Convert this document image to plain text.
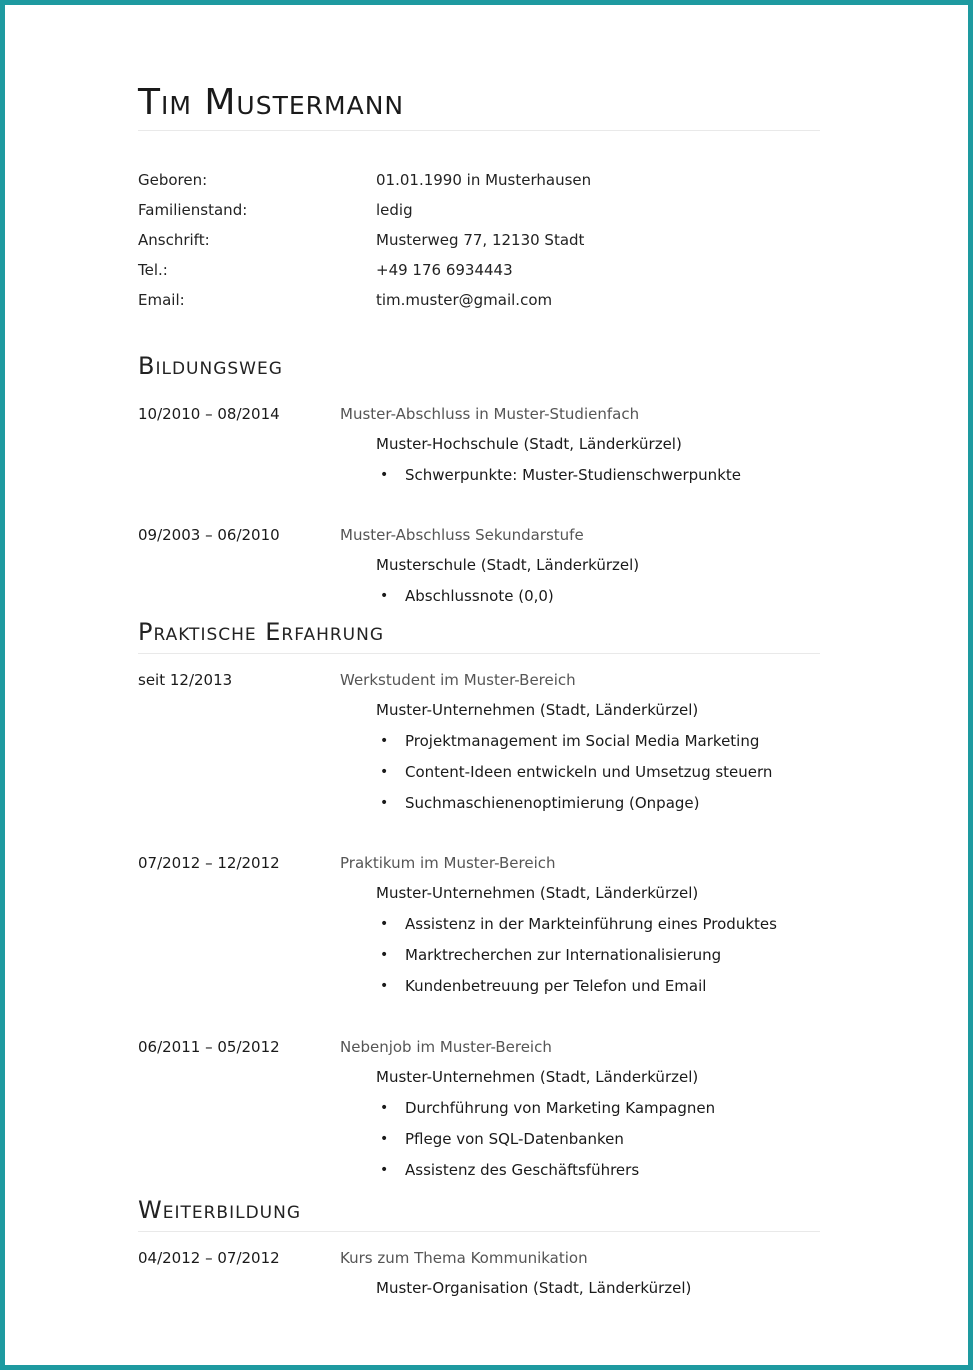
Tim Mustermann
Geboren:	01.01.1990 in Musterhausen
Familienstand:	ledig
Anschrift:	Musterweg 77, 12130 Stadt
Tel.:	+49 176 6934443
Email:	tim.muster@gmail.com
Bildungsweg
10/2010 – 08/2014	Muster-Abschluss in Muster-Studienfach
Muster-Hochschule (Stadt, Länderkürzel)
• Schwerpunkte: Muster-Studienschwerpunkte
09/2003 – 06/2010	Muster-Abschluss Sekundarstufe
Musterschule (Stadt, Länderkürzel)
• Abschlussnote (0,0)
Praktische Erfahrung
seit 12/2013	Werkstudent im Muster-Bereich
Muster-Unternehmen (Stadt, Länderkürzel)
• Projektmanagement im Social Media Marketing
• Content-Ideen entwickeln und Umsetzug steuern
• Suchmaschienenoptimierung (Onpage)
07/2012 – 12/2012	Praktikum im Muster-Bereich
Muster-Unternehmen (Stadt, Länderkürzel)
• Assistenz in der Markteinführung eines Produktes
• Marktrecherchen zur Internationalisierung
• Kundenbetreuung per Telefon und Email
06/2011 – 05/2012	Nebenjob im Muster-Bereich
Muster-Unternehmen (Stadt, Länderkürzel)
• Durchführung von Marketing Kampagnen
• Pflege von SQL-Datenbanken
• Assistenz des Geschäftsführers
Weiterbildung
04/2012 – 07/2012	Kurs zum Thema Kommunikation
Muster-Organisation (Stadt, Länderkürzel)
